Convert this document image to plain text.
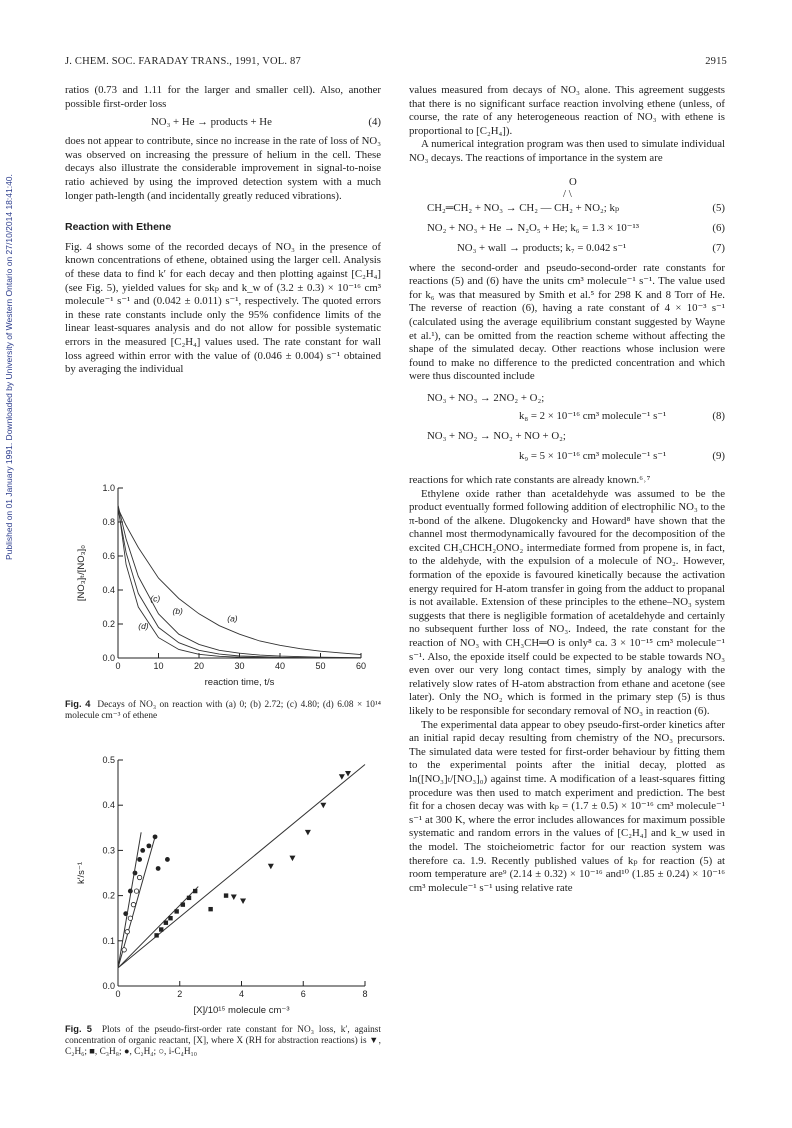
J. CHEM. SOC. FARADAY TRANS., 1991, VOL. 87	2915
Published on 01 January 1991. Downloaded by University of Western Ontario on 27/10/2014 18:41:40.

ratios (0.73 and 1.11 for the larger and smaller cell). Also, another possible first-order loss

NO₃ + He → products + He	(4)

does not appear to contribute, since no increase in the rate of loss of NO₃ was observed on increasing the pressure of helium in the cell. These decays also illustrate the considerable improvement in signal-to-noise ratio achieved by using the improved detection system with a much longer path-length (and incidentally greatly reduced vibrations).

Reaction with Ethene

Fig. 4 shows some of the recorded decays of NO₃ in the presence of known concentrations of ethene, obtained using the larger cell. Analysis of these data to find k′ for each decay and then plotting against [C₂H₄] (see Fig. 5), yielded values for skₚ and k_w of (3.2 ± 0.3) × 10⁻¹⁶ cm³ molecule⁻¹ s⁻¹ and (0.042 ± 0.011) s⁻¹, respectively. The quoted errors in these rate constants include only the 95% confidence limits of the linear least-squares analysis and do not allow for possible systematic errors in the measured [C₂H₄] values used. The rate constant for wall loss agreed within error with the value of (0.046 ± 0.004) s⁻¹ obtained by averaging the individual

0	10	20	30	40	50	60
0.0
0.2
0.4
0.6
0.8
1.0
reaction time, t/s
[NO₃]ₜ/[NO₃]₀
(a)
(b)
(c)
(d)
Fig. 4 Decays of NO₃ on reaction with (a) 0; (b) 2.72; (c) 4.80; (d) 6.08 × 10¹⁴ molecule cm⁻³ of ethene
0	2	4	6	8
0.0
0.1
0.2
0.3
0.4
0.5
[X]/10¹⁵ molecule cm⁻³
k′/s⁻¹
Fig. 5 Plots of the pseudo-first-order rate constant for NO₃ loss, k′, against concentration of organic reactant, [X], where X (RH for abstraction reactions) is ▼, C₂H₆; ■, C₃H₈; ●, C₂H₄; ○, i-C₄H₁₀

values measured from decays of NO₃ alone. This agreement suggests that there is no significant surface reaction involving ethene (unless, of course, the rate of any heterogeneous reaction of NO₃ with ethene is proportional to [C₂H₄]).

A numerical integration program was then used to simulate individual NO₃ decays. The reactions of importance in the system are

O
/ \
CH₂═CH₂ + NO₃ → CH₂ — CH₂ + NO₂; kₚ	(5)
NO₂ + NO₃ + He → N₂O₅ + He; k₆ = 1.3 × 10⁻¹³	(6)
NO₃ + wall → products; k₇ = 0.042 s⁻¹	(7)

where the second-order and pseudo-second-order rate constants for reactions (5) and (6) have the units cm³ molecule⁻¹ s⁻¹. The value used for k₆ was that measured by Smith et al.⁵ for 298 K and 8 Torr of He. The reverse of reaction (6), having a rate constant of 4 × 10⁻³ s⁻¹ (calculated using the average equilibrium constant suggested by Wayne et al.¹), can be omitted from the reaction scheme without affecting the shape of the simulated decay. Other reactions whose inclusion were found to make no difference to the predicted concentration and which were thus discounted include

NO₃ + NO₃ → 2NO₂ + O₂;
k₈ = 2 × 10⁻¹⁶ cm³ molecule⁻¹ s⁻¹	(8)
NO₃ + NO₂ → NO₂ + NO + O₂;
k₉ = 5 × 10⁻¹⁶ cm³ molecule⁻¹ s⁻¹	(9)

reactions for which rate constants are already known.⁶˒⁷

Ethylene oxide rather than acetaldehyde was assumed to be the product eventually formed following addition of electrophilic NO₃ to the π-bond of the alkene. Dlugokencky and Howard⁸ have shown that the channel most thermodynamically favoured for the decomposition of the excited CH₃CHCH₂ONO₂ intermediate formed from propene is, in fact, to the aldehyde, with the expulsion of a molecule of NO₂. However, formation of the epoxide is favoured kinetically because the activation energy required for H-atom transfer in going from the adduct to propanal is not available. Extension of these principles to the ethene–NO₃ system suggests that there is negligible formation of acetaldehyde and certainly no subsequent further loss of NO₃. Indeed, the rate constant for the reaction of NO₃ with CH₃CH═O is only⁸ ca. 3 × 10⁻¹⁵ cm³ molecule⁻¹ s⁻¹. Also, the epoxide itself could be expected to be stable towards NO₃ even over our very long contact times, simply by analogy with the relatively slow rates of H-atom abstraction from ethane and acetone (see later). Only the NO₂ which is formed in the primary step (5) is thus likely to be responsible for secondary removal of NO₃ in reaction (6).

The experimental data appear to obey pseudo-first-order kinetics after an initial rapid decay resulting from chemistry of the NO₃ precursors. The simulated data were tested for first-order behaviour by fitting them to the experimental points after the initial decay, plotted as ln([NO₃]ₜ/[NO₃]₀) against time. A modification of a least-squares fitting procedure was then used to match experiment and prediction. The best fit for a chosen decay was with kₚ = (1.7 ± 0.5) × 10⁻¹⁶ cm³ molecule⁻¹ s⁻¹ at 300 K, where the error includes allowances for maximum possible systematic and random errors in the values of [C₂H₄] and k_w used in the model. The stoicheiometric factor for our reaction system was therefore ca. 1.9. Recently published values of kₚ for reaction (5) at room temperature are⁹ (2.14 ± 0.32) × 10⁻¹⁶ and¹⁰ (1.85 ± 0.24) × 10⁻¹⁶ cm³ molecule⁻¹ s⁻¹ using relative rate
